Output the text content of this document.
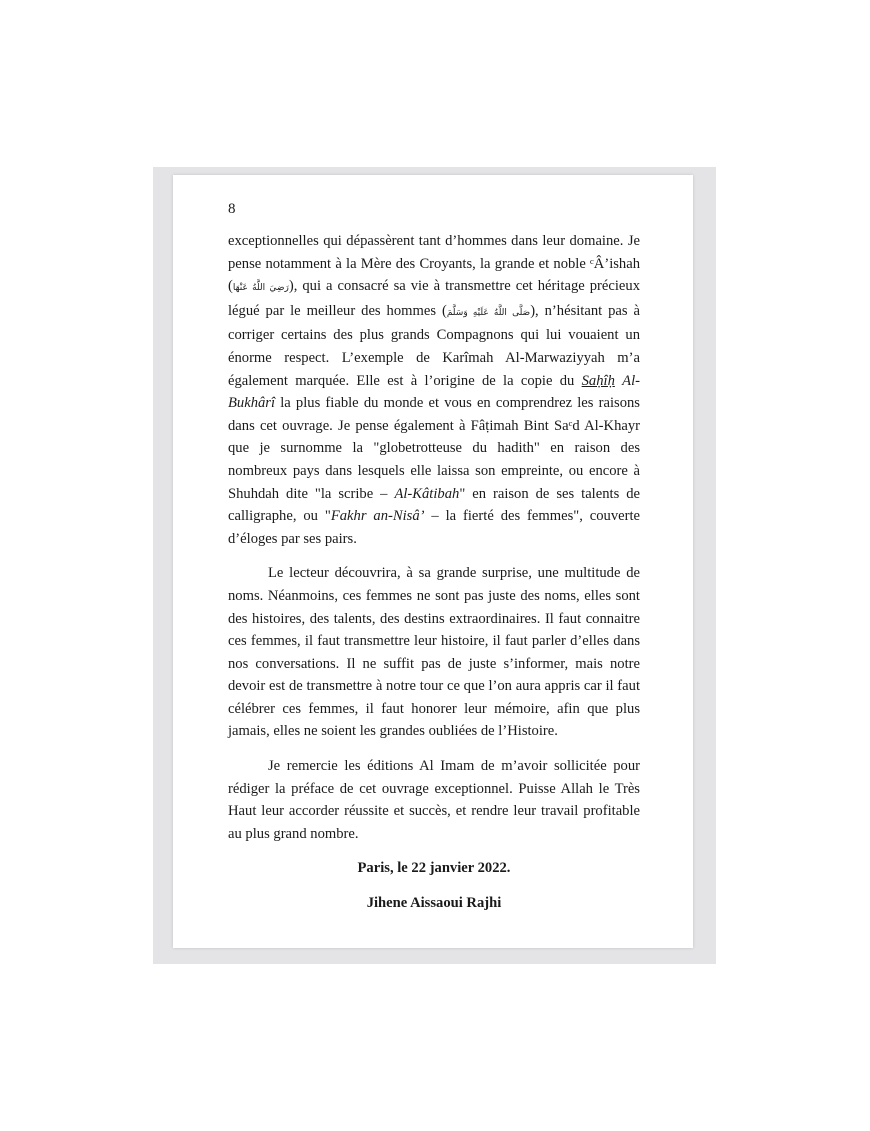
8

exceptionnelles qui dépassèrent tant d’hommes dans leur domaine. Je pense notamment à la Mère des Croyants, la grande et noble ᶜÂ’ishah (رَضِيَ اللَّهُ عَنْهَا), qui a consacré sa vie à transmettre cet héritage précieux légué par le meilleur des hommes (صَلَّى اللَّهُ عَلَيْهِ وَسَلَّمَ), n’hésitant pas à corriger certains des plus grands Compagnons qui lui vouaient un énorme respect. L’exemple de Karîmah Al-Marwaziyyah m’a également marquée. Elle est à l’origine de la copie du Saḥîḥ Al-Bukhârî la plus fiable du monde et vous en comprendrez les raisons dans cet ouvrage. Je pense également à Fâṭimah Bint Saᶜd Al-Khayr que je surnomme la "globetrotteuse du hadith" en raison des nombreux pays dans lesquels elle laissa son empreinte, ou encore à Shuhdah dite "la scribe – Al-Kâtibah" en raison de ses talents de calligraphe, ou "Fakhr an-Nisâ’ – la fierté des femmes", couverte d’éloges par ses pairs.

Le lecteur découvrira, à sa grande surprise, une multitude de noms. Néanmoins, ces femmes ne sont pas juste des noms, elles sont des histoires, des talents, des destins extraordinaires. Il faut connaitre ces femmes, il faut transmettre leur histoire, il faut parler d’elles dans nos conversations. Il ne suffit pas de juste s’informer, mais notre devoir est de transmettre à notre tour ce que l’on aura appris car il faut célébrer ces femmes, il faut honorer leur mémoire, afin que plus jamais, elles ne soient les grandes oubliées de l’Histoire.

Je remercie les éditions Al Imam de m’avoir sollicitée pour rédiger la préface de cet ouvrage exceptionnel. Puisse Allah le Très Haut leur accorder réussite et succès, et rendre leur travail profitable au plus grand nombre.

Paris, le 22 janvier 2022.

Jihene Aissaoui Rajhi
